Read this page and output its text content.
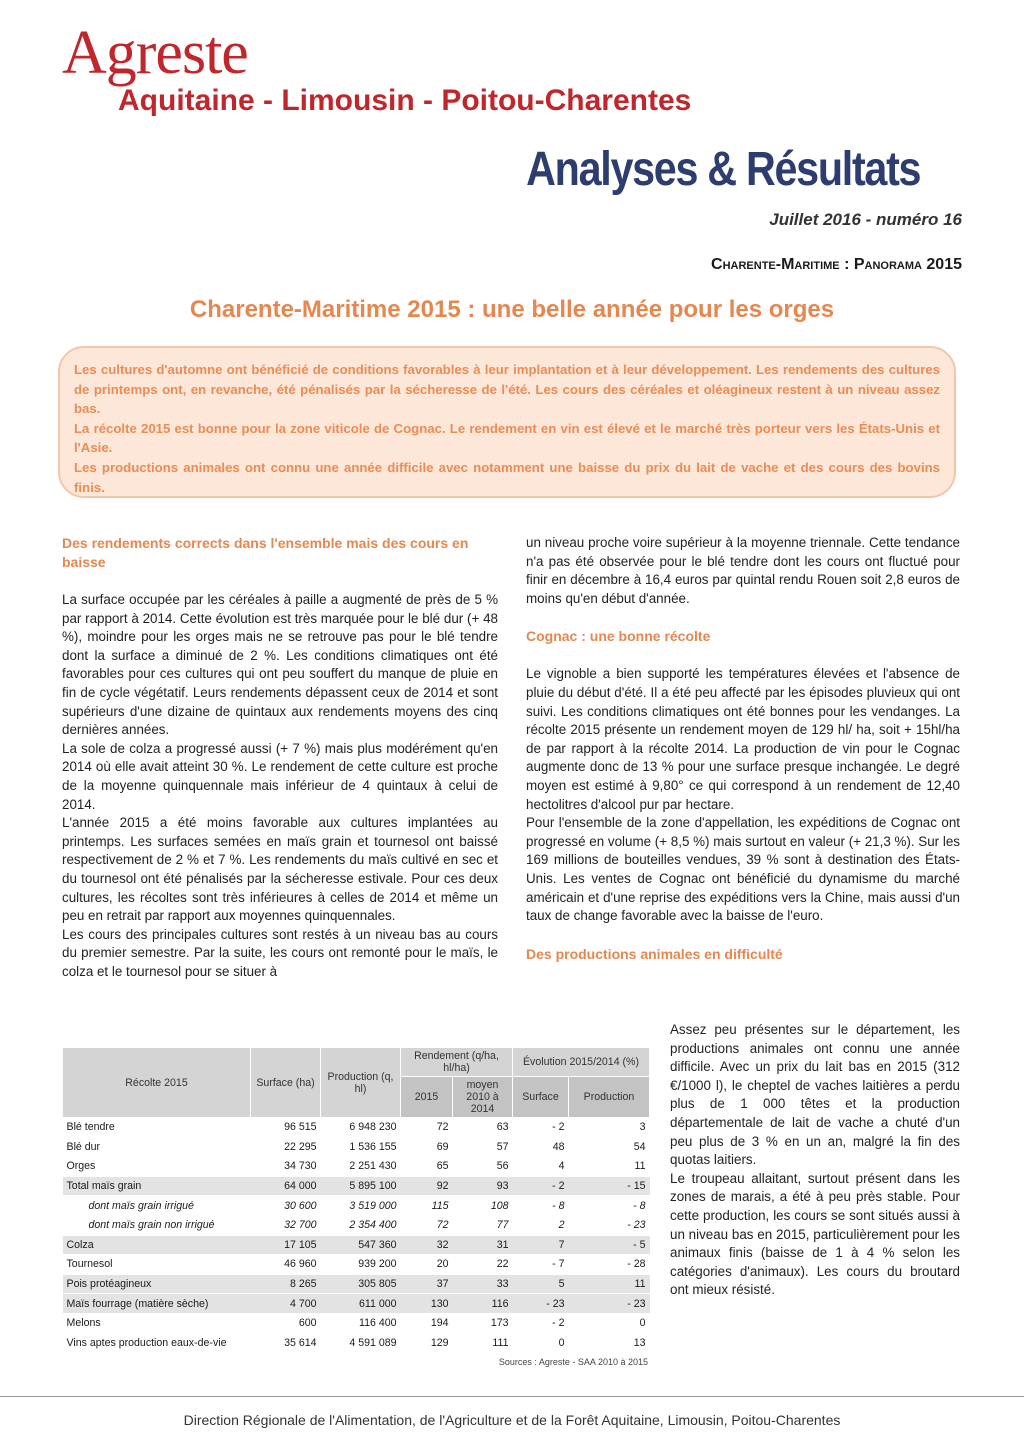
Agreste
Aquitaine - Limousin - Poitou-Charentes
Analyses & Résultats
Juillet 2016 - numéro 16
Charente-Maritime : Panorama 2015
Charente-Maritime 2015 : une belle année pour les orges

Les cultures d'automne ont bénéficié de conditions favorables à leur implantation et à leur développement. Les rendements des cultures de printemps ont, en revanche, été pénalisés par la sécheresse de l'été. Les cours des céréales et oléagineux restent à un niveau assez bas.

La récolte 2015 est bonne pour la zone viticole de Cognac. Le rendement en vin est élevé et le marché très porteur vers les États-Unis et l'Asie.

Les productions animales ont connu une année difficile avec notamment une baisse du prix du lait de vache et des cours des bovins finis.

Des rendements corrects dans l'ensemble mais des cours en baisse

La surface occupée par les céréales à paille a augmenté de près de 5 % par rapport à 2014. Cette évolution est très marquée pour le blé dur (+ 48 %), moindre pour les orges mais ne se retrouve pas pour le blé tendre dont la surface a diminué de 2 %. Les conditions climatiques ont été favorables pour ces cultures qui ont peu souffert du manque de pluie en fin de cycle végétatif. Leurs rendements dépassent ceux de 2014 et sont supérieurs d'une dizaine de quintaux aux rendements moyens des cinq dernières années.

La sole de colza a progressé aussi (+ 7 %) mais plus modérément qu'en 2014 où elle avait atteint 30 %. Le rendement de cette culture est proche de la moyenne quinquennale mais inférieur de 4 quintaux à celui de 2014.

L'année 2015 a été moins favorable aux cultures implantées au printemps. Les surfaces semées en maïs grain et tournesol ont baissé respectivement de 2 % et 7 %. Les rendements du maïs cultivé en sec et du tournesol ont été pénalisés par la sécheresse estivale. Pour ces deux cultures, les récoltes sont très inférieures à celles de 2014 et même un peu en retrait par rapport aux moyennes quinquennales.

Les cours des principales cultures sont restés à un niveau bas au cours du premier semestre. Par la suite, les cours ont remonté pour le maïs, le colza et le tournesol pour se situer à

un niveau proche voire supérieur à la moyenne triennale. Cette tendance n'a pas été observée pour le blé tendre dont les cours ont fluctué pour finir en décembre à 16,4 euros par quintal rendu Rouen soit 2,8 euros de moins qu'en début d'année.

Cognac : une bonne récolte

Le vignoble a bien supporté les températures élevées et l'absence de pluie du début d'été. Il a été peu affecté par les épisodes pluvieux qui ont suivi. Les conditions climatiques ont été bonnes pour les vendanges. La récolte 2015 présente un rendement moyen de 129 hl/ ha, soit + 15hl/ha de par rapport à la récolte 2014. La production de vin pour le Cognac augmente donc de 13 % pour une surface presque inchangée. Le degré moyen est estimé à 9,80° ce qui correspond à un rendement de 12,40 hectolitres d'alcool pur par hectare.

Pour l'ensemble de la zone d'appellation, les expéditions de Cognac ont progressé en volume (+ 8,5 %) mais surtout en valeur (+ 21,3 %). Sur les 169 millions de bouteilles vendues, 39 % sont à destination des États-Unis. Les ventes de Cognac ont bénéficié du dynamisme du marché américain et d'une reprise des expéditions vers la Chine, mais aussi d'un taux de change favorable avec la baisse de l'euro.

Des productions animales en difficulté

Assez peu présentes sur le département, les productions animales ont connu une année difficile. Avec un prix du lait bas en 2015 (312 €/1000 l), le cheptel de vaches laitières a perdu plus de 1 000 têtes et la production départementale de lait de vache a chuté d'un peu plus de 3 % en un an, malgré la fin des quotas laitiers.

Le troupeau allaitant, surtout présent dans les zones de marais, a été à peu près stable. Pour cette production, les cours se sont situés aussi à un niveau bas en 2015, particulièrement pour les animaux finis (baisse de 1 à 4 % selon les catégories d'animaux). Les cours du broutard ont mieux résisté.

Récolte 2015	Surface (ha)	Production (q, hl)	Rendement (q/ha, hl/ha)		Évolution 2015/2014 (%)	
			2015	moyen 2010 à 2014	Surface	Production
Blé tendre	96 515	6 948 230	72	63	- 2	3
Blé dur	22 295	1 536 155	69	57	48	54
Orges	34 730	2 251 430	65	56	4	11
Total maïs grain	64 000	5 895 100	92	93	- 2	- 15
dont maïs grain irrigué	30 600	3 519 000	115	108	- 8	- 8
dont maïs grain non irrigué	32 700	2 354 400	72	77	2	- 23
Colza	17 105	547 360	32	31	7	- 5
Tournesol	46 960	939 200	20	22	- 7	- 28
Pois protéagineux	8 265	305 805	37	33	5	11
Maïs fourrage (matière sèche)	4 700	611 000	130	116	- 23	- 23
Melons	600	116 400	194	173	- 2	0
Vins aptes production eaux-de-vie	35 614	4 591 089	129	111	0	13
Sources : Agreste - SAA 2010 à 2015
Direction Régionale de l'Alimentation, de l'Agriculture et de la Forêt Aquitaine, Limousin, Poitou-Charentes
